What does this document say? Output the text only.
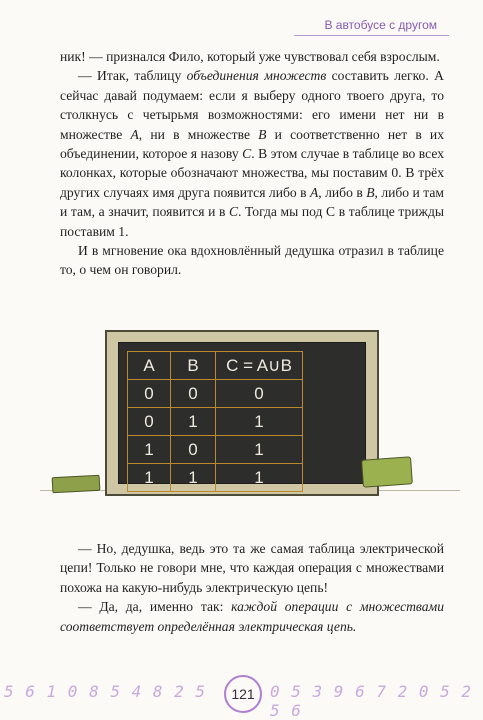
В автобусе с другом

ник! — признался Фило, который уже чувствовал себя взрослым.

— Итак, таблицу объединения множеств составить легко. А сейчас давай подумаем: если я выберу одного твоего друга, то столкнусь с четырьмя возможностями: его имени нет ни в множестве A, ни в множестве B и соответственно нет в их объединении, которое я назову C. В этом случае в таблице во всех колонках, которые обозначают множества, мы поставим 0. В трёх других случаях имя друга появится либо в A, либо в B, либо и там и там, а значит, появится и в C. Тогда мы под С в таблице трижды поставим 1.

И в мгновение ока вдохновлённый дедушка отразил в таблице то, о чем он говорил.

A	B	C = A∪B
0	0	0
0	1	1
1	0	1
1	1	1

— Но, дедушка, ведь это та же самая таблица электрической цепи! Только не говори мне, что каждая операция с множествами похожа на какую-нибудь электрическую цепь!

— Да, да, именно так: каждой операции с множествами соответствует определённая электрическая цепь.

5 6 1 0 8 5 4 8 2 5	0 5 3 9 6 7 2 0 5 2 5 6
121
